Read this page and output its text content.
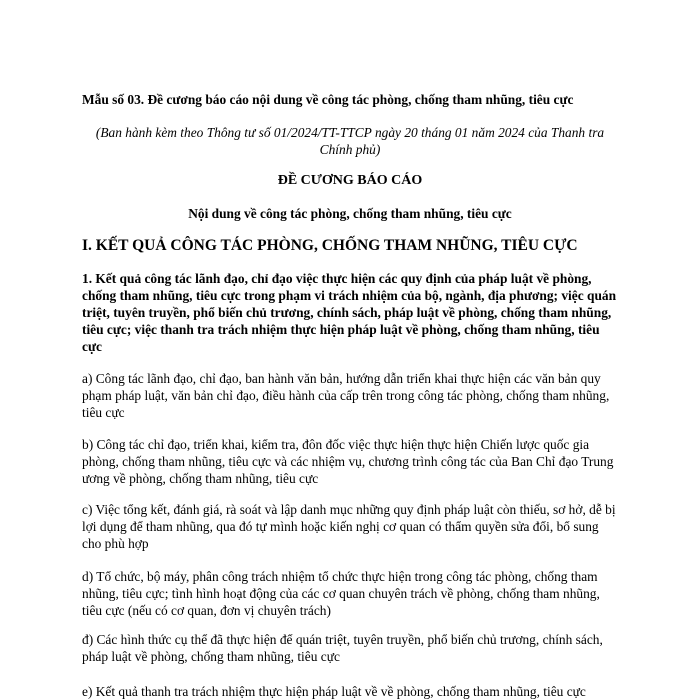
Mẫu số 03. Đề cương báo cáo nội dung về công tác phòng, chống tham nhũng, tiêu cực
(Ban hành kèm theo Thông tư số 01/2024/TT-TTCP ngày 20 tháng 01 năm 2024 của Thanh tra Chính phủ)
ĐỀ CƯƠNG BÁO CÁO
Nội dung về công tác phòng, chống tham nhũng, tiêu cực
I. KẾT QUẢ CÔNG TÁC PHÒNG, CHỐNG THAM NHŨNG, TIÊU CỰC
1. Kết quả công tác lãnh đạo, chỉ đạo việc thực hiện các quy định của pháp luật về phòng, chống tham nhũng, tiêu cực trong phạm vi trách nhiệm của bộ, ngành, địa phương; việc quán triệt, tuyên truyền, phổ biến chủ trương, chính sách, pháp luật về phòng, chống tham nhũng, tiêu cực; việc thanh tra trách nhiệm thực hiện pháp luật về phòng, chống tham nhũng, tiêu cực
a) Công tác lãnh đạo, chỉ đạo, ban hành văn bản, hướng dẫn triển khai thực hiện các văn bản quy phạm pháp luật, văn bản chỉ đạo, điều hành của cấp trên trong công tác phòng, chống tham nhũng, tiêu cực
b) Công tác chỉ đạo, triển khai, kiểm tra, đôn đốc việc thực hiện thực hiện Chiến lược quốc gia phòng, chống tham nhũng, tiêu cực và các nhiệm vụ, chương trình công tác của Ban Chỉ đạo Trung ương về phòng, chống tham nhũng, tiêu cực
c) Việc tổng kết, đánh giá, rà soát và lập danh mục những quy định pháp luật còn thiếu, sơ hở, dễ bị lợi dụng để tham nhũng, qua đó tự mình hoặc kiến nghị cơ quan có thẩm quyền sửa đổi, bổ sung cho phù hợp
d) Tổ chức, bộ máy, phân công trách nhiệm tổ chức thực hiện trong công tác phòng, chống tham nhũng, tiêu cực; tình hình hoạt động của các cơ quan chuyên trách về phòng, chống tham nhũng, tiêu cực (nếu có cơ quan, đơn vị chuyên trách)
đ) Các hình thức cụ thể đã thực hiện để quán triệt, tuyên truyền, phổ biến chủ trương, chính sách, pháp luật về phòng, chống tham nhũng, tiêu cực
e) Kết quả thanh tra trách nhiệm thực hiện pháp luật về về phòng, chống tham nhũng, tiêu cực
